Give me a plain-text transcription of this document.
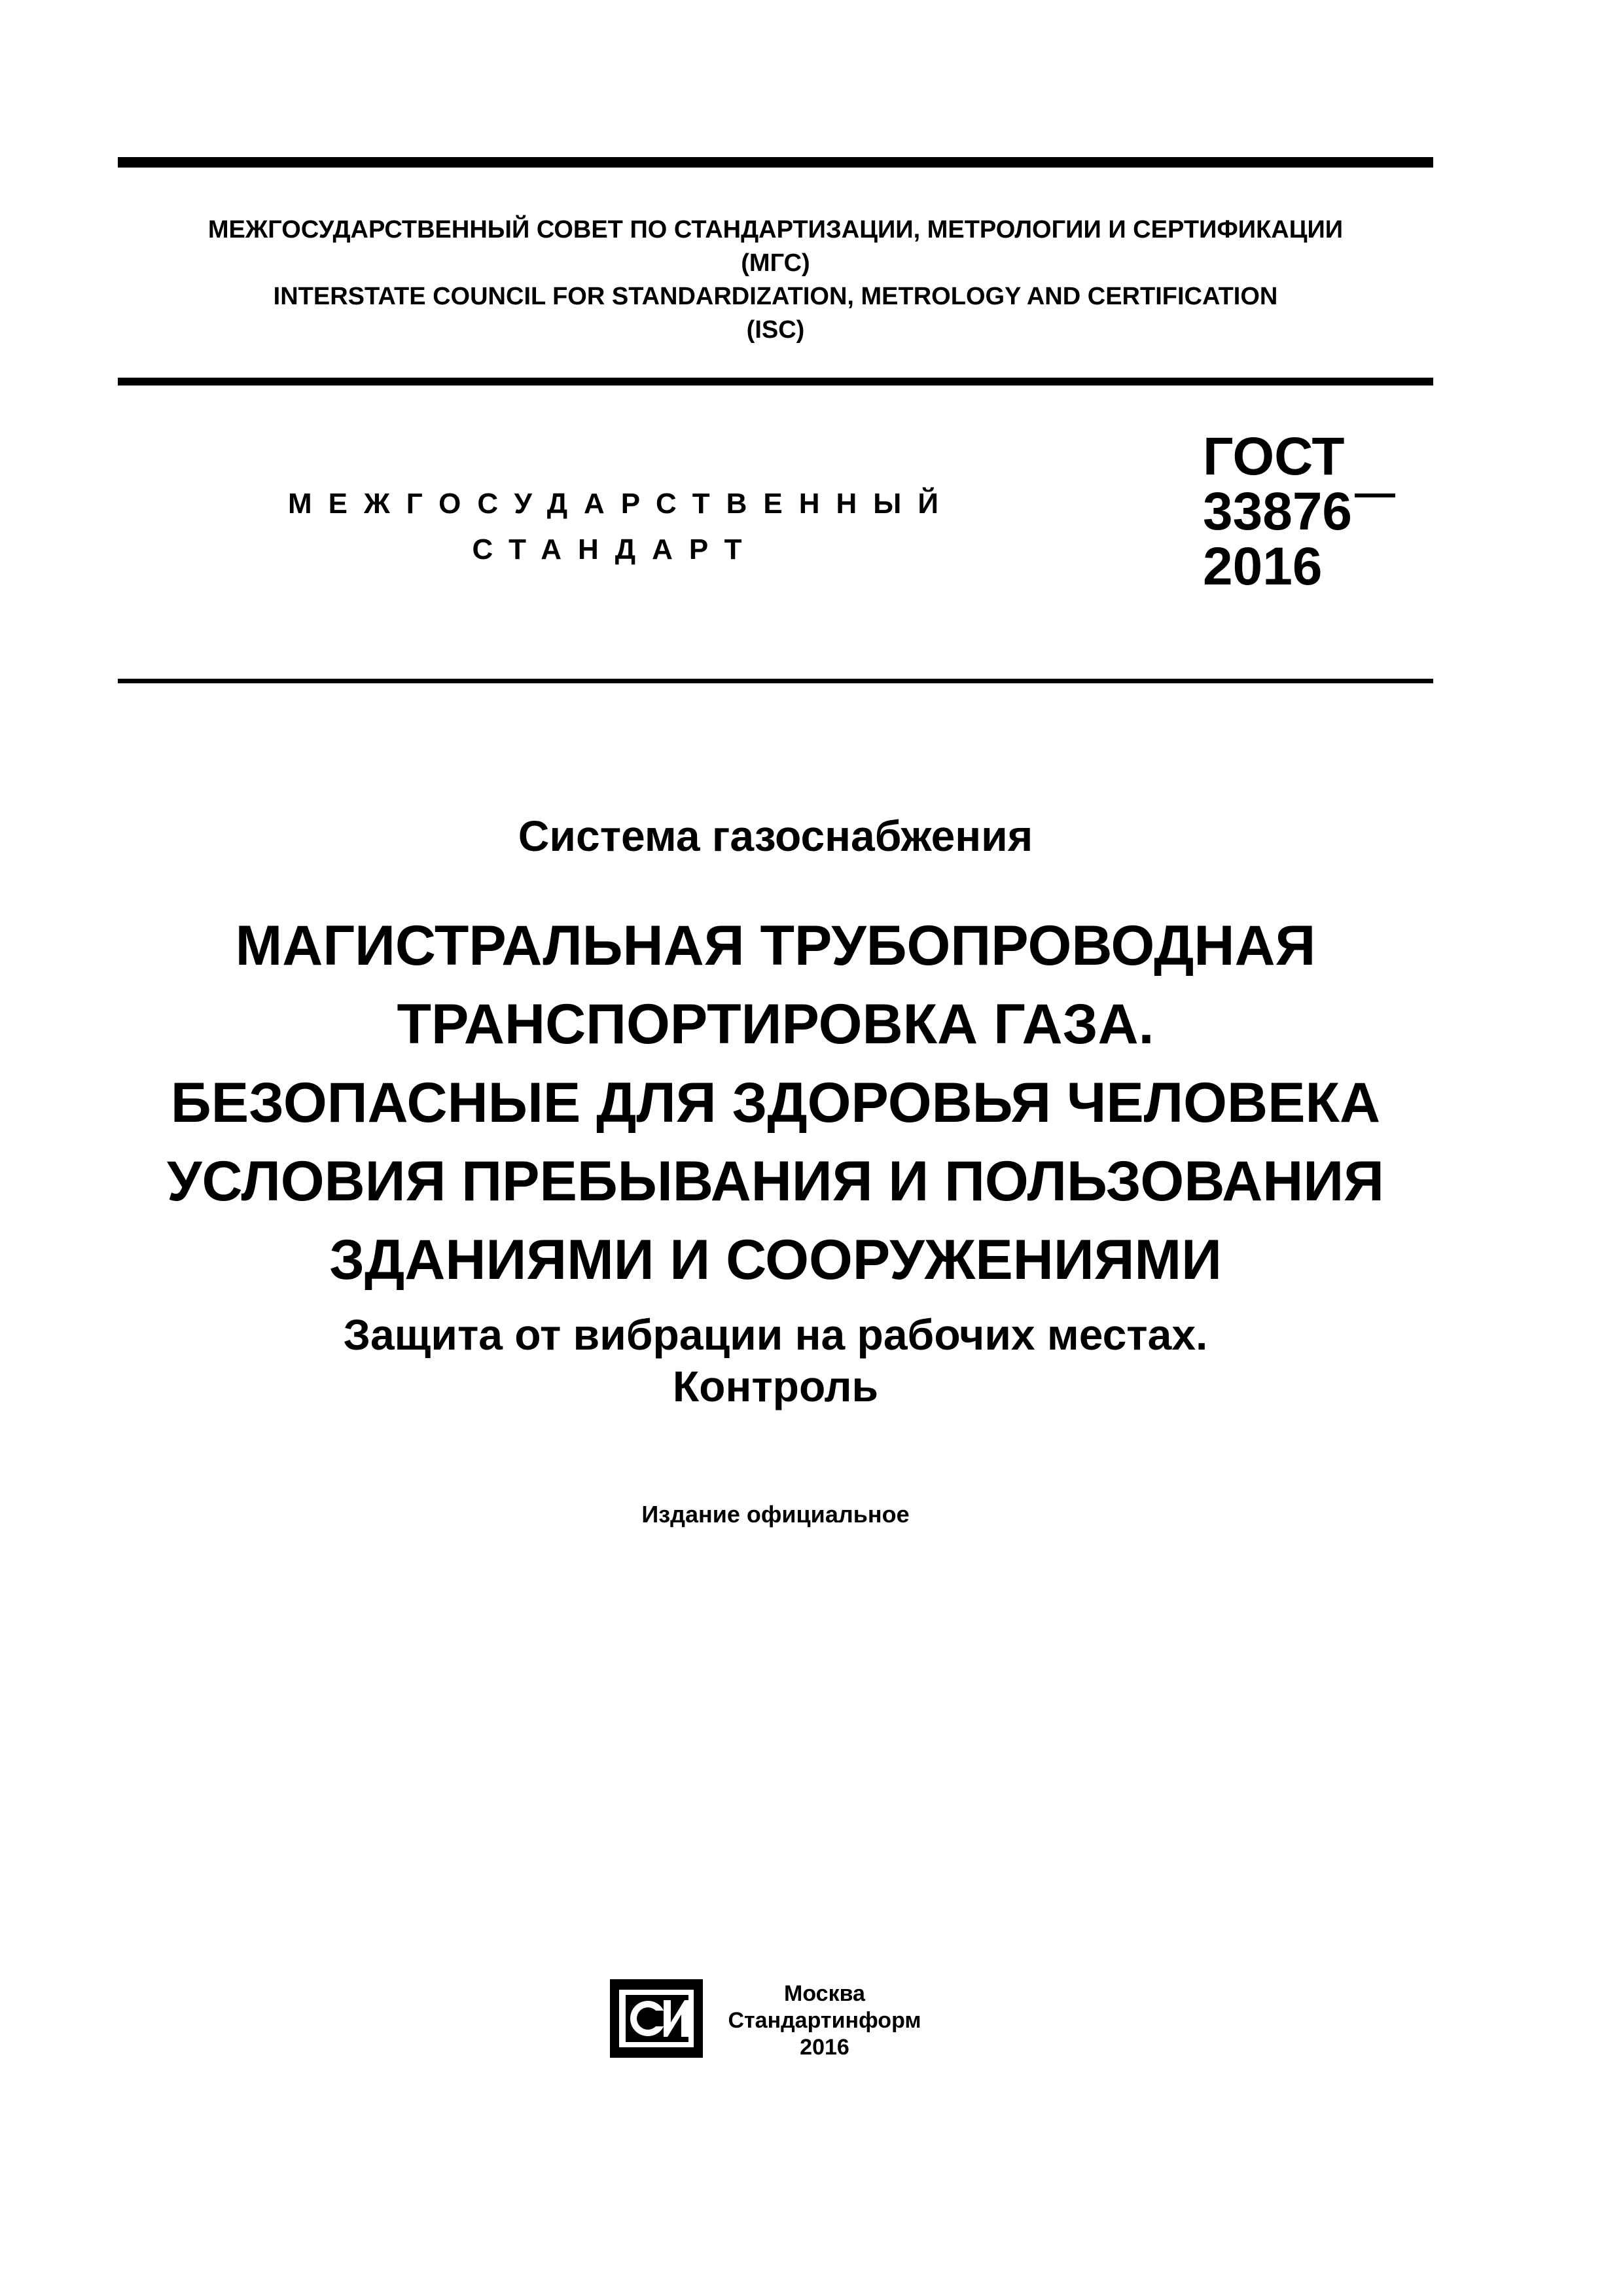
МЕЖГОСУДАРСТВЕННЫЙ СОВЕТ ПО СТАНДАРТИЗАЦИИ, МЕТРОЛОГИИ И СЕРТИФИКАЦИИ
(МГС)
INTERSTATE COUNCIL FOR STANDARDIZATION, METROLOGY AND CERTIFICATION
(ISC)
МЕЖГОСУДАРСТВЕННЫЙ
СТАНДАРТ
ГОСТ
33876
2016
Система газоснабжения
МАГИСТРАЛЬНАЯ ТРУБОПРОВОДНАЯ
ТРАНСПОРТИРОВКА ГАЗА.
БЕЗОПАСНЫЕ ДЛЯ ЗДОРОВЬЯ ЧЕЛОВЕКА
УСЛОВИЯ ПРЕБЫВАНИЯ И ПОЛЬЗОВАНИЯ
ЗДАНИЯМИ И СООРУЖЕНИЯМИ
Защита от вибрации на рабочих местах.
Контроль
Издание официальное
Москва
Стандартинформ
2016
